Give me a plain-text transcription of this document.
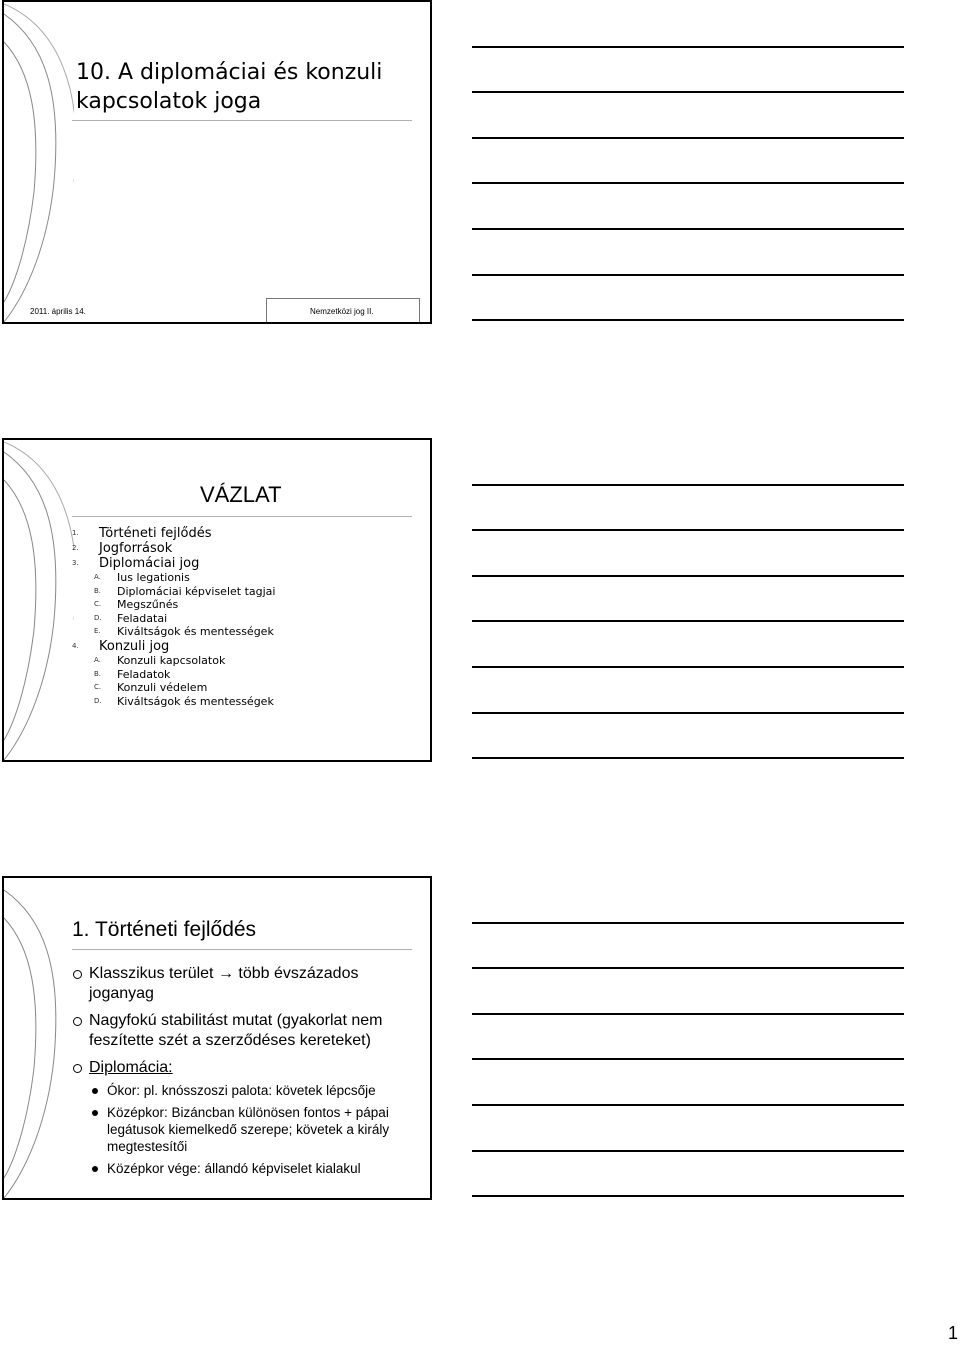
10. A diplomáciai és konzuli kapcsolatok joga
2011. április 14.	Nemzetközi jog II.
VÁZLAT
1. Történeti fejlődés
2. Jogforrások
3. Diplomáciai jog
A. Ius legationis
B. Diplomáciai képviselet tagjai
C. Megszűnés
D. Feladatai
E. Kiváltságok és mentességek
4. Konzuli jog
A. Konzuli kapcsolatok
B. Feladatok
C. Konzuli védelem
D. Kiváltságok és mentességek
1. Történeti fejlődés
Klasszikus terület → több évszázados joganyag
Nagyfokú stabilitást mutat (gyakorlat nem feszítette szét a szerződéses kereteket)
Diplomácia:
Ókor: pl. knósszoszi palota: követek lépcsője
Középkor: Bizáncban különösen fontos + pápai legátusok kiemelkedő szerepe; követek a király megtestesítői
Középkor vége: állandó képviselet kialakul
1
